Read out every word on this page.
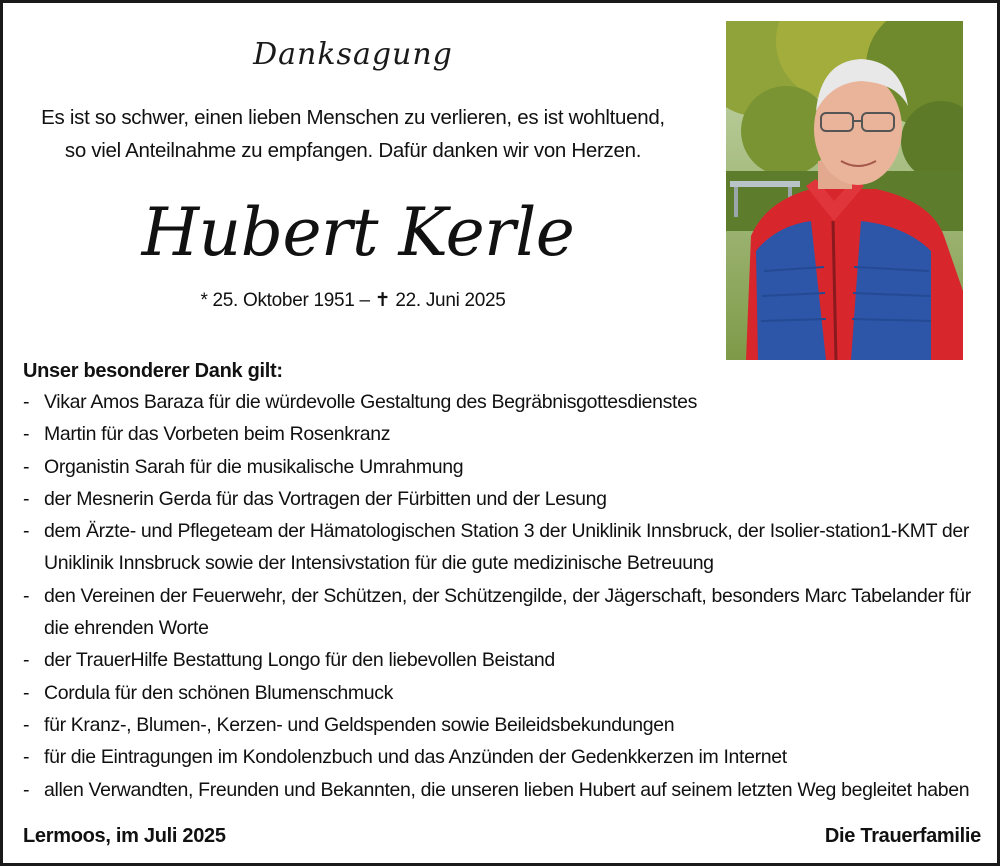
Danksagung
Es ist so schwer, einen lieben Menschen zu verlieren, es ist wohltuend,
so viel Anteilnahme zu empfangen. Dafür danken wir von Herzen.
Hubert Kerle
* 25. Oktober 1951 – ✝ 22. Juni 2025
Unser besonderer Dank gilt:
- Vikar Amos Baraza für die würdevolle Gestaltung des Begräbnisgottesdienstes
- Martin für das Vorbeten beim Rosenkranz
- Organistin Sarah für die musikalische Umrahmung
- der Mesnerin Gerda für das Vortragen der Fürbitten und der Lesung
- dem Ärzte- und Pflegeteam der Hämatologischen Station 3 der Uniklinik Innsbruck, der Isolier-station1-KMT der Uniklinik Innsbruck sowie der Intensivstation für die gute medizinische Betreuung
- den Vereinen der Feuerwehr, der Schützen, der Schützengilde, der Jägerschaft, besonders Marc Tabelander für die ehrenden Worte
- der TrauerHilfe Bestattung Longo für den liebevollen Beistand
- Cordula für den schönen Blumenschmuck
- für Kranz-, Blumen-, Kerzen- und Geldspenden sowie Beileidsbekundungen
- für die Eintragungen im Kondolenzbuch und das Anzünden der Gedenkkerzen im Internet
- allen Verwandten, Freunden und Bekannten, die unseren lieben Hubert auf seinem letzten Weg begleitet haben
Lermoos, im Juli 2025	Die Trauerfamilie
